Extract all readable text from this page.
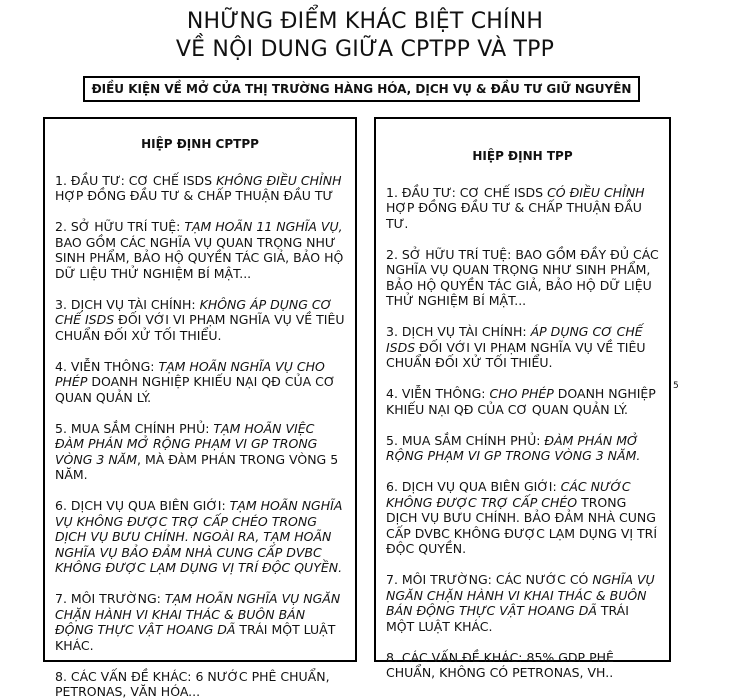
NHỮNG ĐIỂM KHÁC BIỆT CHÍNH
VỀ NỘI DUNG GIỮA CPTPP VÀ TPP
ĐIỀU KIỆN VỀ MỞ CỬA THỊ TRƯỜNG HÀNG HÓA, DỊCH VỤ & ĐẦU TƯ GIỮ NGUYÊN
HIỆP ĐỊNH CPTPP
1. ĐẦU TƯ: CƠ CHẾ ISDS KHÔNG ĐIỀU CHỈNH HỢP ĐỒNG ĐẦU TƯ & CHẤP THUẬN ĐẦU TƯ
2. SỞ HỮU TRÍ TUỆ: TẠM HOÃN 11 NGHĨA VỤ, BAO GỒM CÁC NGHĨA VỤ QUAN TRỌNG NHƯ SINH PHẨM, BẢO HỘ QUYỀN TÁC GIẢ, BẢO HỘ DỮ LIỆU THỬ NGHIỆM BÍ MẬT...
3. DỊCH VỤ TÀI CHÍNH: KHÔNG ÁP DỤNG CƠ CHẾ ISDS ĐỐI VỚI VI PHẠM NGHĨA VỤ VỀ TIÊU CHUẨN ĐỐI XỬ TỐI THIỂU.
4. VIỄN THÔNG: TẠM HOÃN NGHĨA VỤ CHO PHÉP DOANH NGHIỆP KHIẾU NẠI QĐ CỦA CƠ QUAN QUẢN LÝ.
5. MUA SẮM CHÍNH PHỦ: TẠM HOÃN VIỆC ĐÀM PHÁN MỞ RỘNG PHẠM VI GP TRONG VÒNG 3 NĂM, MÀ ĐÀM PHÁN TRONG VÒNG 5 NĂM.
6. DỊCH VỤ QUA BIÊN GIỚI: TẠM HOÃN NGHĨA VỤ KHÔNG ĐƯỢC TRỢ CẤP CHÉO TRONG DỊCH VỤ BƯU CHÍNH. NGOÀI RA, TẠM HOÃN NGHĨA VỤ BẢO ĐẢM NHÀ CUNG CẤP DVBC KHÔNG ĐƯỢC LẠM DỤNG VỊ TRÍ ĐỘC QUYỀN.
7. MÔI TRƯỜNG: TẠM HOÃN NGHĨA VỤ NGĂN CHẶN HÀNH VI KHAI THÁC & BUÔN BÁN ĐỘNG THỰC VẬT HOANG DÃ TRÁI MỘT LUẬT KHÁC.
8. CÁC VẤN ĐỀ KHÁC: 6 NƯỚC PHÊ CHUẨN, PETRONAS, VĂN HÓA...
HIỆP ĐỊNH TPP
1. ĐẦU TƯ: CƠ CHẾ ISDS CÓ ĐIỀU CHỈNH HỢP ĐỒNG ĐẦU TƯ & CHẤP THUẬN ĐẦU TƯ.
2. SỞ HỮU TRÍ TUỆ: BAO GỒM ĐẦY ĐỦ CÁC NGHĨA VỤ QUAN TRỌNG NHƯ SINH PHẨM, BẢO HỘ QUYỀN TÁC GIẢ, BẢO HỘ DỮ LIỆU THỬ NGHIỆM BÍ MẬT...
3. DỊCH VỤ TÀI CHÍNH: ÁP DỤNG CƠ CHẾ ISDS ĐỐI VỚI VI PHẠM NGHĨA VỤ VỀ TIÊU CHUẨN ĐỐI XỬ TỐI THIỂU.
4. VIỄN THÔNG: CHO PHÉP DOANH NGHIỆP KHIẾU NẠI QĐ CỦA CƠ QUAN QUẢN LÝ.
5. MUA SẮM CHÍNH PHỦ: ĐÀM PHÁN MỞ RỘNG PHẠM VI GP TRONG VÒNG 3 NĂM.
6. DỊCH VỤ QUA BIÊN GIỚI: CÁC NƯỚC KHÔNG ĐƯỢC TRỢ CẤP CHÉO TRONG DỊCH VỤ BƯU CHÍNH. BẢO ĐẢM NHÀ CUNG CẤP DVBC KHÔNG ĐƯỢC LẠM DỤNG VỊ TRÍ ĐỘC QUYỀN.
7. MÔI TRƯỜNG: CÁC NƯỚC CÓ NGHĨA VỤ NGĂN CHẶN HÀNH VI KHAI THÁC & BUÔN BÁN ĐỘNG THỰC VẬT HOANG DÃ TRÁI MỘT LUẬT KHÁC.
8. CÁC VẤN ĐỀ KHÁC: 85% GDP PHÊ CHUẨN, KHÔNG CÓ PETRONAS, VH..
5
